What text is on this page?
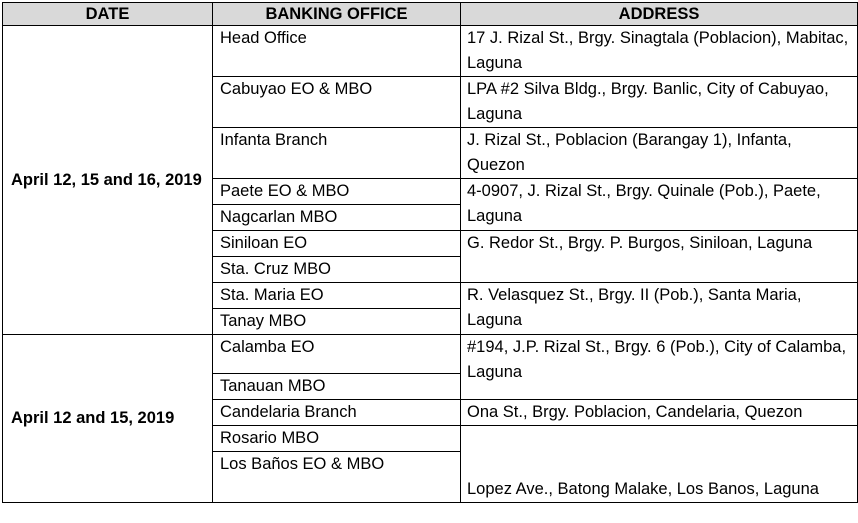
DATE	BANKING OFFICE	ADDRESS
April 12, 15 and 16, 2019	Head Office	17 J. Rizal St., Brgy. Sinagtala (Poblacion), Mabitac, Laguna
	Cabuyao EO & MBO	LPA #2 Silva Bldg., Brgy. Banlic, City of Cabuyao, Laguna
	Infanta Branch	J. Rizal St., Poblacion (Barangay 1), Infanta, Quezon
	Paete EO & MBO	4-0907, J. Rizal St., Brgy. Quinale (Pob.), Paete, Laguna
	Nagcarlan MBO	
	Siniloan EO	G. Redor St., Brgy. P. Burgos, Siniloan, Laguna
	Sta. Cruz MBO	
	Sta. Maria EO	R. Velasquez St., Brgy. II (Pob.), Santa Maria, Laguna
	Tanay MBO	
April 12 and 15, 2019	Calamba EO	#194, J.P. Rizal St., Brgy. 6 (Pob.), City of Calamba, Laguna
	Tanauan MBO	
	Candelaria Branch	Ona St., Brgy. Poblacion, Candelaria, Quezon
	Rosario MBO	Lopez Ave., Batong Malake, Los Banos, Laguna
	Los Baños EO & MBO	
